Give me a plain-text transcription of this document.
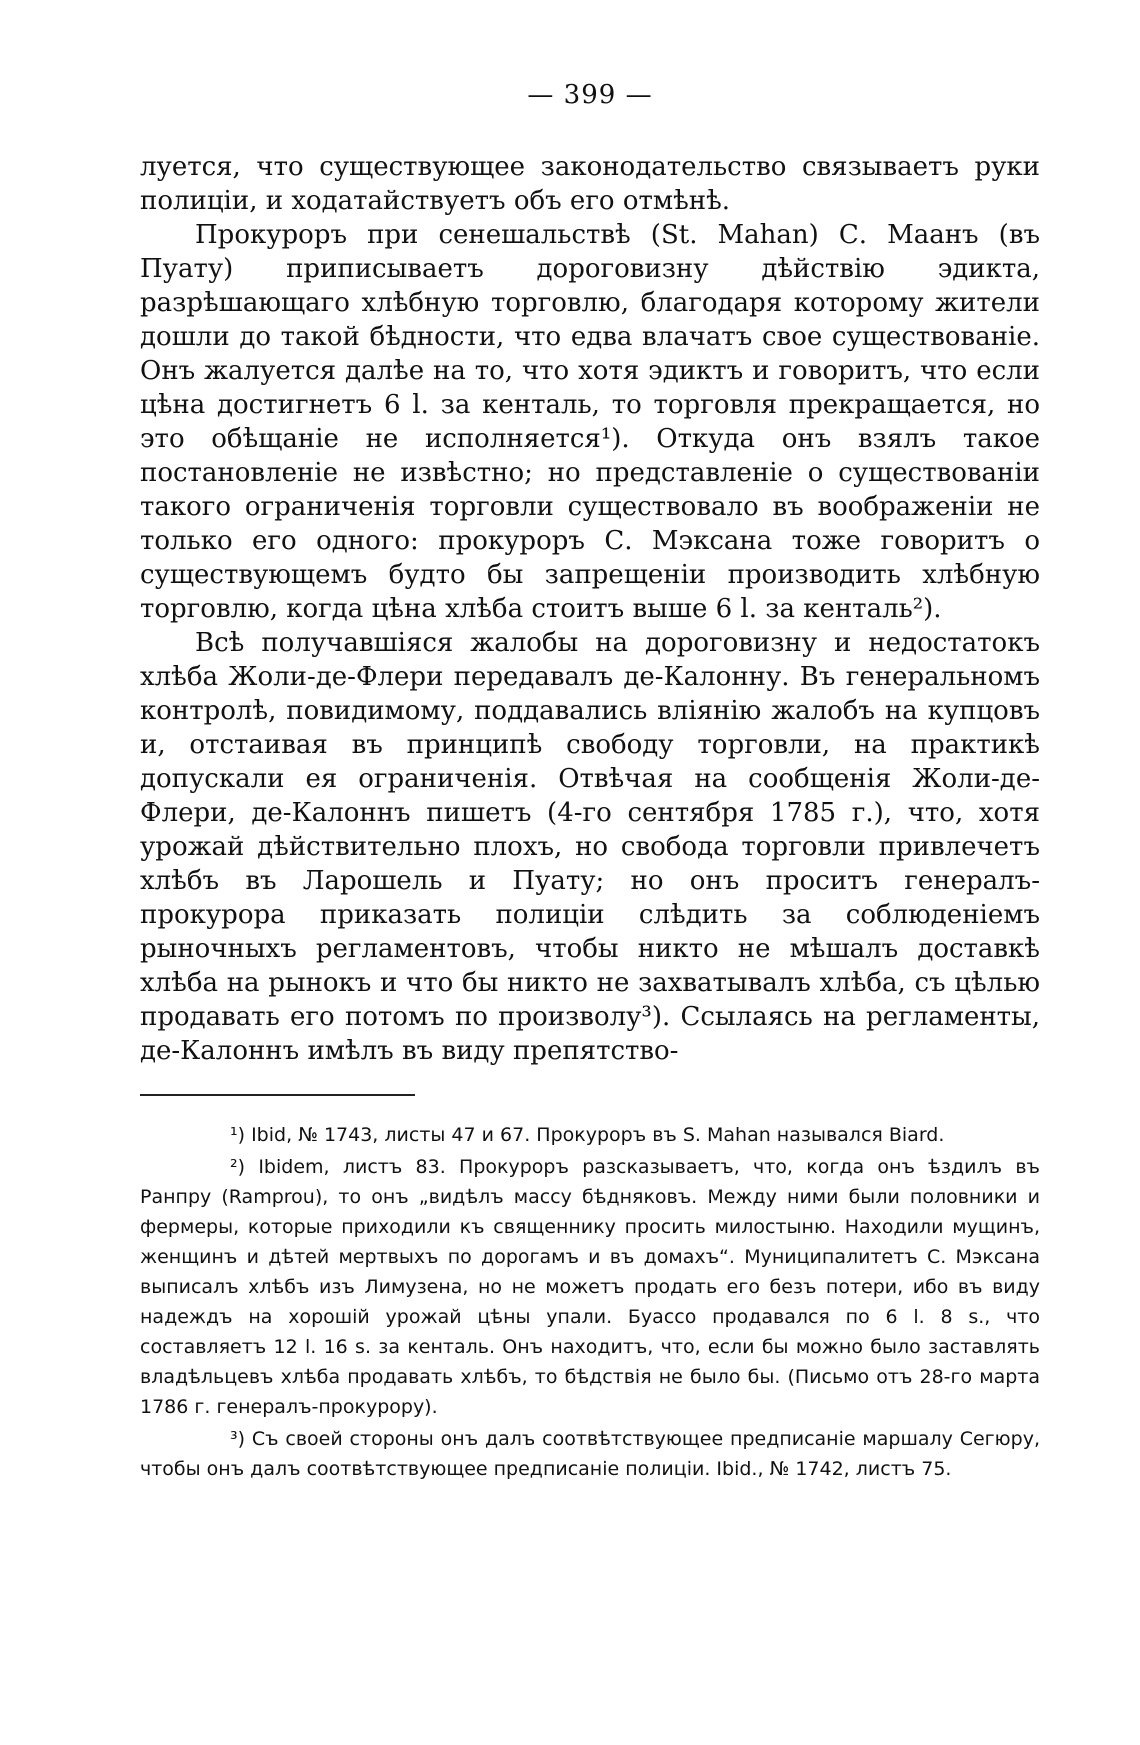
— 399 —

луется, что существующее законодательство связываетъ руки полиціи, и ходатайствуетъ объ его отмѣнѣ.

Прокуроръ при сенешальствѣ (St. Mahan) С. Маанъ (въ Пуату) приписываетъ дороговизну дѣйствію эдикта, разрѣшающаго хлѣбную торговлю, благодаря которому жители дошли до такой бѣдности, что едва влачатъ свое существованіе. Онъ жалуется далѣе на то, что хотя эдиктъ и говоритъ, что если цѣна достигнетъ 6 l. за кенталь, то торговля прекращается, но это обѣщаніе не исполняется¹). Откуда онъ взялъ такое постановленіе не извѣстно; но представленіе о существованіи такого ограниченія торговли существовало въ воображеніи не только его одного: прокуроръ С. Мэксана тоже говоритъ о существующемъ будто бы запрещеніи производить хлѣбную торговлю, когда цѣна хлѣба стоитъ выше 6 l. за кенталь²).

Всѣ получавшіяся жалобы на дороговизну и недостатокъ хлѣба Жоли-де-Флери передавалъ де-Калонну. Въ генеральномъ контролѣ, повидимому, поддавались вліянію жалобъ на купцовъ и, отстаивая въ принципѣ свободу торговли, на практикѣ допускали ея ограниченія. Отвѣчая на сообщенія Жоли-де-Флери, де-Калоннъ пишетъ (4-го сентября 1785 г.), что, хотя урожай дѣйствительно плохъ, но свобода торговли привлечетъ хлѣбъ въ Ларошель и Пуату; но онъ проситъ генералъ-прокурора приказать полиціи слѣдить за соблюденіемъ рыночныхъ регламентовъ, чтобы никто не мѣшалъ доставкѣ хлѣба на рынокъ и что бы никто не захватывалъ хлѣба, съ цѣлью продавать его потомъ по произволу³). Ссылаясь на регламенты, де-Калоннъ имѣлъ въ виду препятство-

¹) Ibid, № 1743, листы 47 и 67. Прокуроръ въ S. Mahan назывался Biard.

²) Ibidem, листъ 83. Прокуроръ разсказываетъ, что, когда онъ ѣздилъ въ Ранпру (Ramprou), то онъ „видѣлъ массу бѣдняковъ. Между ними были половники и фермеры, которые приходили къ священнику просить милостыню. Находили мущинъ, женщинъ и дѣтей мертвыхъ по дорогамъ и въ домахъ“. Муниципалитетъ С. Мэксана выписалъ хлѣбъ изъ Лимузена, но не можетъ продать его безъ потери, ибо въ виду надеждъ на хорошій урожай цѣны упали. Буассо продавался по 6 l. 8 s., что составляетъ 12 l. 16 s. за кенталь. Онъ находитъ, что, если бы можно было заставлять владѣльцевъ хлѣба продавать хлѣбъ, то бѣдствія не было бы. (Письмо отъ 28-го марта 1786 г. генералъ-прокурору).

³) Съ своей стороны онъ далъ соотвѣтствующее предписаніе маршалу Сегюру, чтобы онъ далъ соотвѣтствующее предписаніе полиціи. Ibid., № 1742, листъ 75.
